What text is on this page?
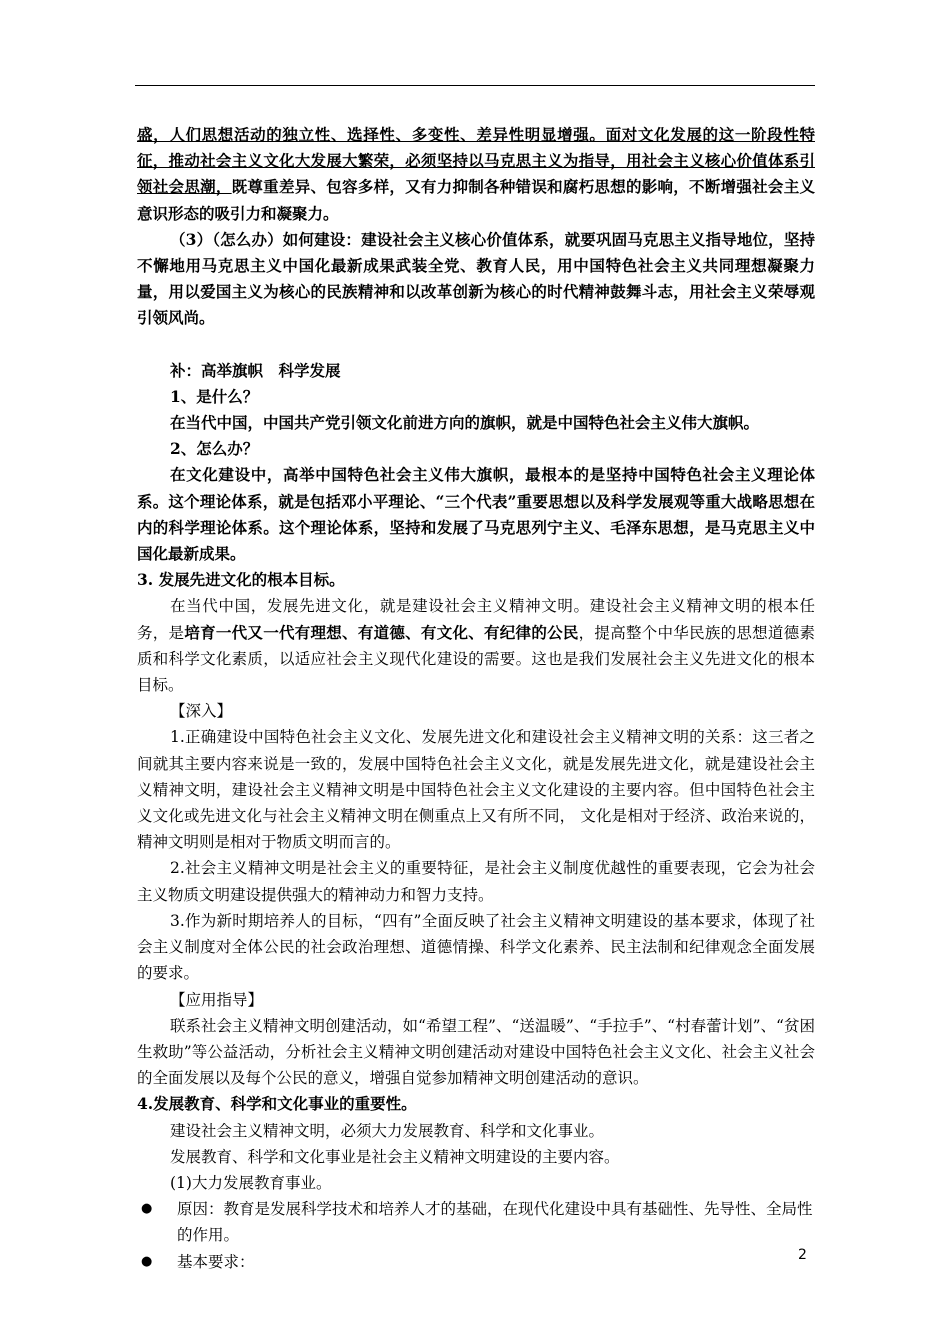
盛，人们思想活动的独立性、选择性、多变性、差异性明显增强。面对文化发展的这一阶段性特征，推动社会主义文化大发展大繁荣，必须坚持以马克思主义为指导，用社会主义核心价值体系引领社会思潮，既尊重差异、包容多样，又有力抑制各种错误和腐朽思想的影响，不断增强社会主义意识形态的吸引力和凝聚力。

（3）（怎么办）如何建设：建设社会主义核心价值体系，就要巩固马克思主义指导地位，坚持不懈地用马克思主义中国化最新成果武装全党、教育人民，用中国特色社会主义共同理想凝聚力量，用以爱国主义为核心的民族精神和以改革创新为核心的时代精神鼓舞斗志，用社会主义荣辱观引领风尚。

补：高举旗帜　科学发展

1、是什么？

在当代中国，中国共产党引领文化前进方向的旗帜，就是中国特色社会主义伟大旗帜。

2、怎么办？

在文化建设中，高举中国特色社会主义伟大旗帜，最根本的是坚持中国特色社会主义理论体系。这个理论体系，就是包括邓小平理论、“三个代表”重要思想以及科学发展观等重大战略思想在内的科学理论体系。这个理论体系，坚持和发展了马克思列宁主义、毛泽东思想，是马克思主义中国化最新成果。

3. 发展先进文化的根本目标。

在当代中国，发展先进文化，就是建设社会主义精神文明。建设社会主义精神文明的根本任务，是培育一代又一代有理想、有道德、有文化、有纪律的公民，提高整个中华民族的思想道德素质和科学文化素质，以适应社会主义现代化建设的需要。这也是我们发展社会主义先进文化的根本目标。

【深入】

1.正确建设中国特色社会主义文化、发展先进文化和建设社会主义精神文明的关系：这三者之间就其主要内容来说是一致的，发展中国特色社会主义文化，就是发展先进文化，就是建设社会主义精神文明，建设社会主义精神文明是中国特色社会主义文化建设的主要内容。但中国特色社会主义文化或先进文化与社会主义精神文明在侧重点上又有所不同， 文化是相对于经济、政治来说的，精神文明则是相对于物质文明而言的。

2.社会主义精神文明是社会主义的重要特征，是社会主义制度优越性的重要表现，它会为社会主义物质文明建设提供强大的精神动力和智力支持。

3.作为新时期培养人的目标，“四有”全面反映了社会主义精神文明建设的基本要求，体现了社会主义制度对全体公民的社会政治理想、道德情操、科学文化素养、民主法制和纪律观念全面发展的要求。

【应用指导】

联系社会主义精神文明创建活动，如“希望工程”、“送温暖”、“手拉手”、“村春蕾计划”、“贫困生救助”等公益活动，分析社会主义精神文明创建活动对建设中国特色社会主义文化、社会主义社会的全面发展以及每个公民的意义，增强自觉参加精神文明创建活动的意识。

4.发展教育、科学和文化事业的重要性。

建设社会主义精神文明，必须大力发展教育、科学和文化事业。

发展教育、科学和文化事业是社会主义精神文明建设的主要内容。

(1)大力发展教育事业。

● 原因：教育是发展科学技术和培养人才的基础，在现代化建设中具有基础性、先导性、全局性的作用。
● 基本要求：	2
